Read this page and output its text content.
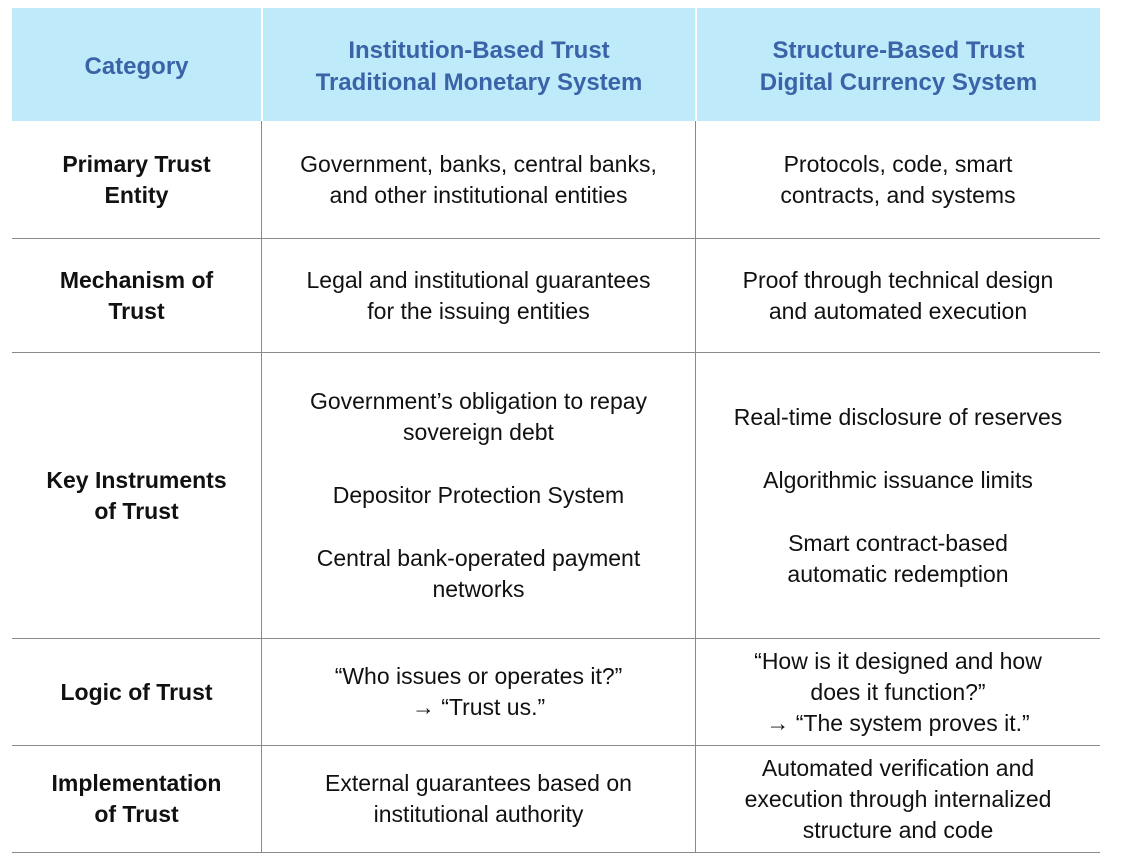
Category
Institution-Based Trust
Traditional Monetary System
Structure-Based Trust
Digital Currency System
Primary Trust
Entity
Government, banks, central banks,
and other institutional entities
Protocols, code, smart
contracts, and systems
Mechanism of
Trust
Legal and institutional guarantees
for the issuing entities
Proof through technical design
and automated execution
Key Instruments
of Trust
Government’s obligation to repay
sovereign debt
Depositor Protection System
Central bank-operated payment
networks
Real-time disclosure of reserves
Algorithmic issuance limits
Smart contract-based
automatic redemption
Logic of Trust
“Who issues or operates it?”
→ “Trust us.”
“How is it designed and how
does it function?”
→ “The system proves it.”
Implementation
of Trust
External guarantees based on
institutional authority
Automated verification and
execution through internalized
structure and code
